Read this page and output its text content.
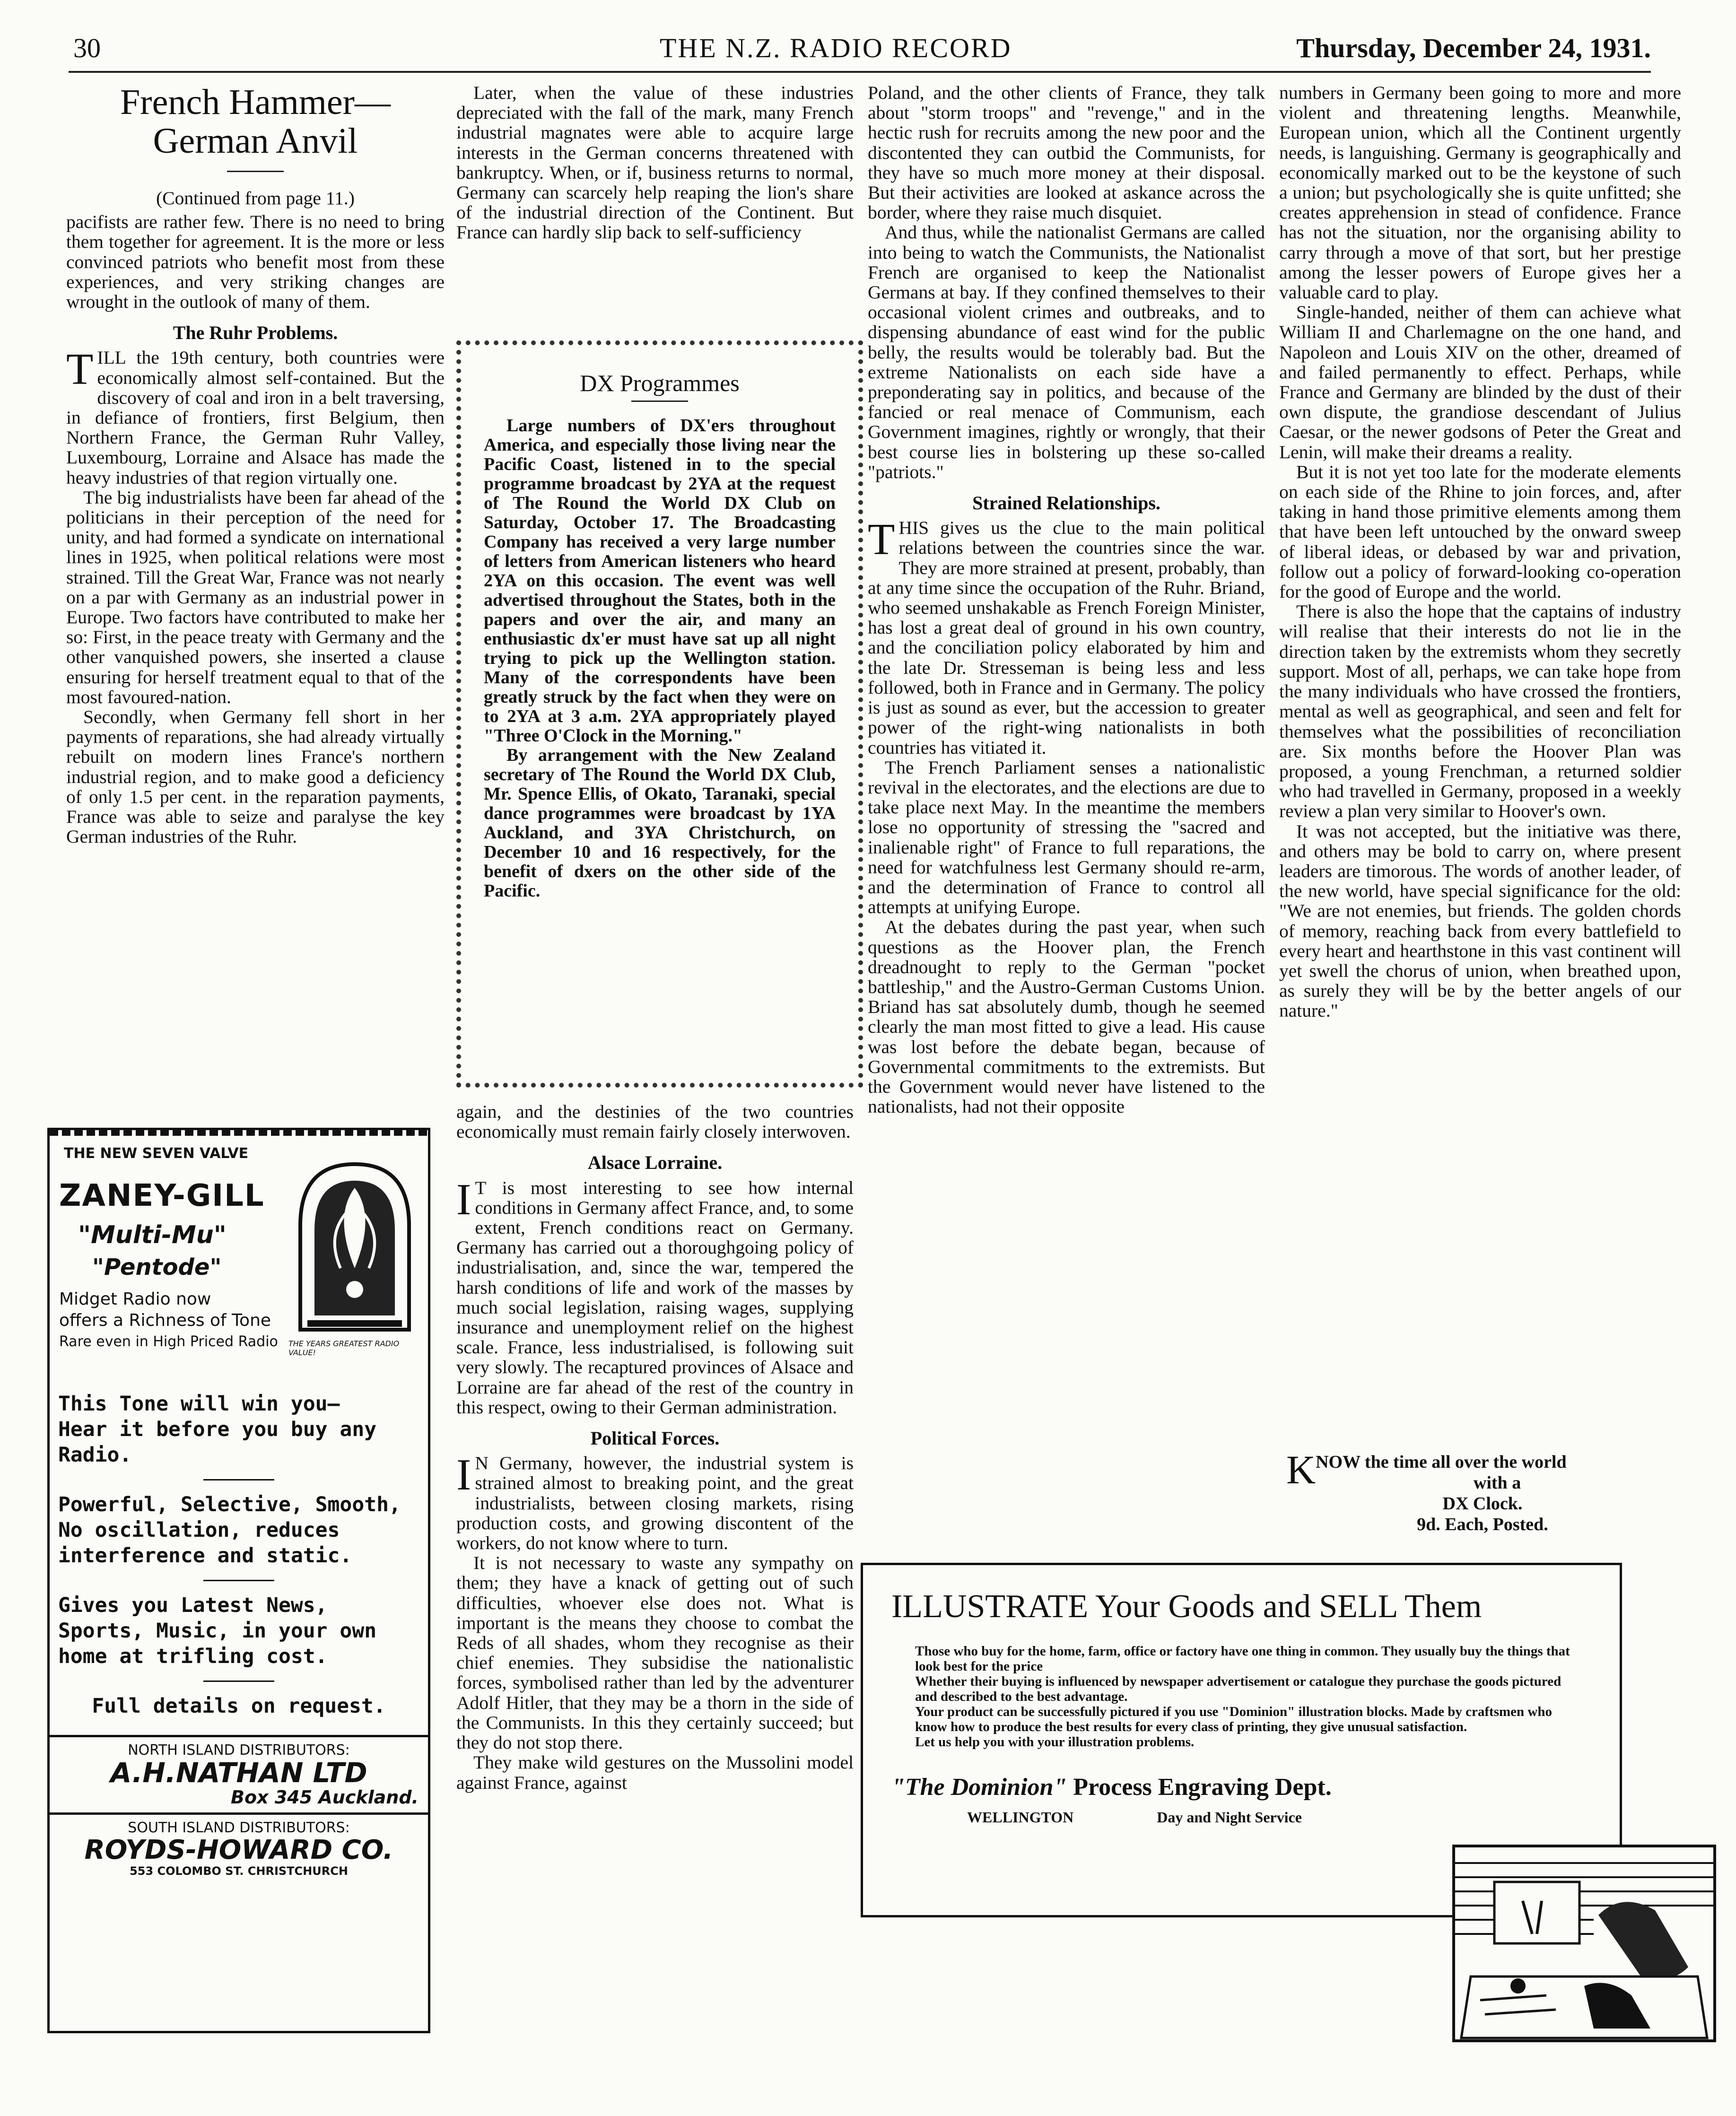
30	THE N.Z. RADIO RECORD	Thursday, December 24, 1931.
French Hammer— German Anvil

(Continued from page 11.)

pacifists are rather few. There is no need to bring them together for agreement. It is the more or less convinced patriots who benefit most from these experiences, and very striking changes are wrought in the outlook of many of them.

The Ruhr Problems.

TILL the 19th century, both countries were economically almost self-contained. But the discovery of coal and iron in a belt traversing, in defiance of frontiers, first Belgium, then Northern France, the German Ruhr Valley, Luxembourg, Lorraine and Alsace has made the heavy industries of that region virtually one.

The big industrialists have been far ahead of the politicians in their perception of the need for unity, and had formed a syndicate on international lines in 1925, when political relations were most strained. Till the Great War, France was not nearly on a par with Germany as an industrial power in Europe. Two factors have contributed to make her so: First, in the peace treaty with Germany and the other vanquished powers, she inserted a clause ensuring for herself treatment equal to that of the most favoured-nation.

Secondly, when Germany fell short in her payments of reparations, she had already virtually rebuilt on modern lines France's northern industrial region, and to make good a deficiency of only 1.5 per cent. in the reparation payments, France was able to seize and paralyse the key German industries of the Ruhr.

Later, when the value of these industries depreciated with the fall of the mark, many French industrial magnates were able to acquire large interests in the German concerns threatened with bankruptcy. When, or if, business returns to normal, Germany can scarcely help reaping the lion's share of the industrial direction of the Continent. But France can hardly slip back to self-sufficiency

DX Programmes

Large numbers of DX'ers throughout America, and especially those living near the Pacific Coast, listened in to the special programme broadcast by 2YA at the request of The Round the World DX Club on Saturday, October 17. The Broadcasting Company has received a very large number of letters from American listeners who heard 2YA on this occasion. The event was well advertised throughout the States, both in the papers and over the air, and many an enthusiastic dx'er must have sat up all night trying to pick up the Wellington station. Many of the correspondents have been greatly struck by the fact when they were on to 2YA at 3 a.m. 2YA appropriately played "Three O'Clock in the Morning."

By arrangement with the New Zealand secretary of The Round the World DX Club, Mr. Spence Ellis, of Okato, Taranaki, special dance programmes were broadcast by 1YA Auckland, and 3YA Christchurch, on December 10 and 16 respectively, for the benefit of dxers on the other side of the Pacific.

again, and the destinies of the two countries economically must remain fairly closely interwoven.

Alsace Lorraine.

I T is most interesting to see how internal conditions in Germany affect France, and, to some extent, French conditions react on Germany. Germany has carried out a thoroughgoing policy of industrialisation, and, since the war, tempered the harsh conditions of life and work of the masses by much social legislation, raising wages, supplying insurance and unemployment relief on the highest scale. France, less industrialised, is following suit very slowly. The recaptured provinces of Alsace and Lorraine are far ahead of the rest of the country in this respect, owing to their German administration.

Political Forces.

I N Germany, however, the industrial system is strained almost to breaking point, and the great industrialists, between closing markets, rising production costs, and growing discontent of the workers, do not know where to turn.

It is not necessary to waste any sympathy on them; they have a knack of getting out of such difficulties, whoever else does not. What is important is the means they choose to combat the Reds of all shades, whom they recognise as their chief enemies. They subsidise the nationalistic forces, symbolised rather than led by the adventurer Adolf Hitler, that they may be a thorn in the side of the Communists. In this they certainly succeed; but they do not stop there.

They make wild gestures on the Mussolini model against France, against

Poland, and the other clients of France, they talk about "storm troops" and "revenge," and in the hectic rush for recruits among the new poor and the discontented they can outbid the Communists, for they have so much more money at their disposal. But their activities are looked at askance across the border, where they raise much disquiet.

And thus, while the nationalist Germans are called into being to watch the Communists, the Nationalist French are organised to keep the Nationalist Germans at bay. If they confined themselves to their occasional violent crimes and outbreaks, and to dispensing abundance of east wind for the public belly, the results would be tolerably bad. But the extreme Nationalists on each side have a preponderating say in politics, and because of the fancied or real menace of Communism, each Government imagines, rightly or wrongly, that their best course lies in bolstering up these so-called "patriots."

Strained Relationships.

THIS gives us the clue to the main political relations between the countries since the war. They are more strained at present, probably, than at any time since the occupation of the Ruhr. Briand, who seemed unshakable as French Foreign Minister, has lost a great deal of ground in his own country, and the conciliation policy elaborated by him and the late Dr. Stresseman is being less and less followed, both in France and in Germany. The policy is just as sound as ever, but the accession to greater power of the right-wing nationalists in both countries has vitiated it.

The French Parliament senses a nationalistic revival in the electorates, and the elections are due to take place next May. In the meantime the members lose no opportunity of stressing the "sacred and inalienable right" of France to full reparations, the need for watchfulness lest Germany should re-arm, and the determination of France to control all attempts at unifying Europe.

At the debates during the past year, when such questions as the Hoover plan, the French dreadnought to reply to the German "pocket battleship," and the Austro-German Customs Union. Briand has sat absolutely dumb, though he seemed clearly the man most fitted to give a lead. His cause was lost before the debate began, because of Governmental commitments to the extremists. But the Government would never have listened to the nationalists, had not their opposite

numbers in Germany been going to more and more violent and threatening lengths. Meanwhile, European union, which all the Continent urgently needs, is languishing. Germany is geographically and economically marked out to be the keystone of such a union; but psychologically she is quite unfitted; she creates apprehension in stead of confidence. France has not the situation, nor the organising ability to carry through a move of that sort, but her prestige among the lesser powers of Europe gives her a valuable card to play.

Single-handed, neither of them can achieve what William II and Charlemagne on the one hand, and Napoleon and Louis XIV on the other, dreamed of and failed permanently to effect. Perhaps, while France and Germany are blinded by the dust of their own dispute, the grandiose descendant of Julius Caesar, or the newer godsons of Peter the Great and Lenin, will make their dreams a reality.

But it is not yet too late for the moderate elements on each side of the Rhine to join forces, and, after taking in hand those primitive elements among them that have been left untouched by the onward sweep of liberal ideas, or debased by war and privation, follow out a policy of forward-looking co-operation for the good of Europe and the world.

There is also the hope that the captains of industry will realise that their interests do not lie in the direction taken by the extremists whom they secretly support. Most of all, perhaps, we can take hope from the many individuals who have crossed the frontiers, mental as well as geographical, and seen and felt for themselves what the possibilities of reconciliation are. Six months before the Hoover Plan was proposed, a young Frenchman, a returned soldier who had travelled in Germany, proposed in a weekly review a plan very similar to Hoover's own.

It was not accepted, but the initiative was there, and others may be bold to carry on, where present leaders are timorous. The words of another leader, of the new world, have special significance for the old: "We are not enemies, but friends. The golden chords of memory, reaching back from every battlefield to every heart and hearthstone in this vast continent will yet swell the chorus of union, when breathed upon, as surely they will be by the better angels of our nature."

KNOW the time all over the world
with a
DX Clock.
9d. Each, Posted.
THE NEW SEVEN VALVE
ZANEY-GILL
"Multi-Mu"
"Pentode"
Midget Radio now
offers a Richness of Tone
Rare even in High Priced Radio THE YEARS GREATEST RADIO VALUE!
This Tone will win you—
Hear it before you buy any Radio.
Powerful, Selective, Smooth, No oscillation, reduces interference and static.
Gives you Latest News, Sports, Music, in your own home at trifling cost.
Full details on request.
NORTH ISLAND DISTRIBUTORS:
A.H.NATHAN LTD
Box 345 Auckland.
SOUTH ISLAND DISTRIBUTORS:
ROYDS-HOWARD CO.
553 COLOMBO ST. CHRISTCHURCH
ILLUSTRATE Your Goods and SELL Them
Those who buy for the home, farm, office or factory have one thing in common. They usually buy the things that look best for the price
Whether their buying is influenced by newspaper advertisement or catalogue they purchase the goods pictured and described to the best advantage.
Your product can be successfully pictured if you use "Dominion" illustration blocks. Made by craftsmen who know how to produce the best results for every class of printing, they give unusual satisfaction.
Let us help you with your illustration problems.
"The Dominion" Process Engraving Dept.
WELLINGTON	Day and Night Service
